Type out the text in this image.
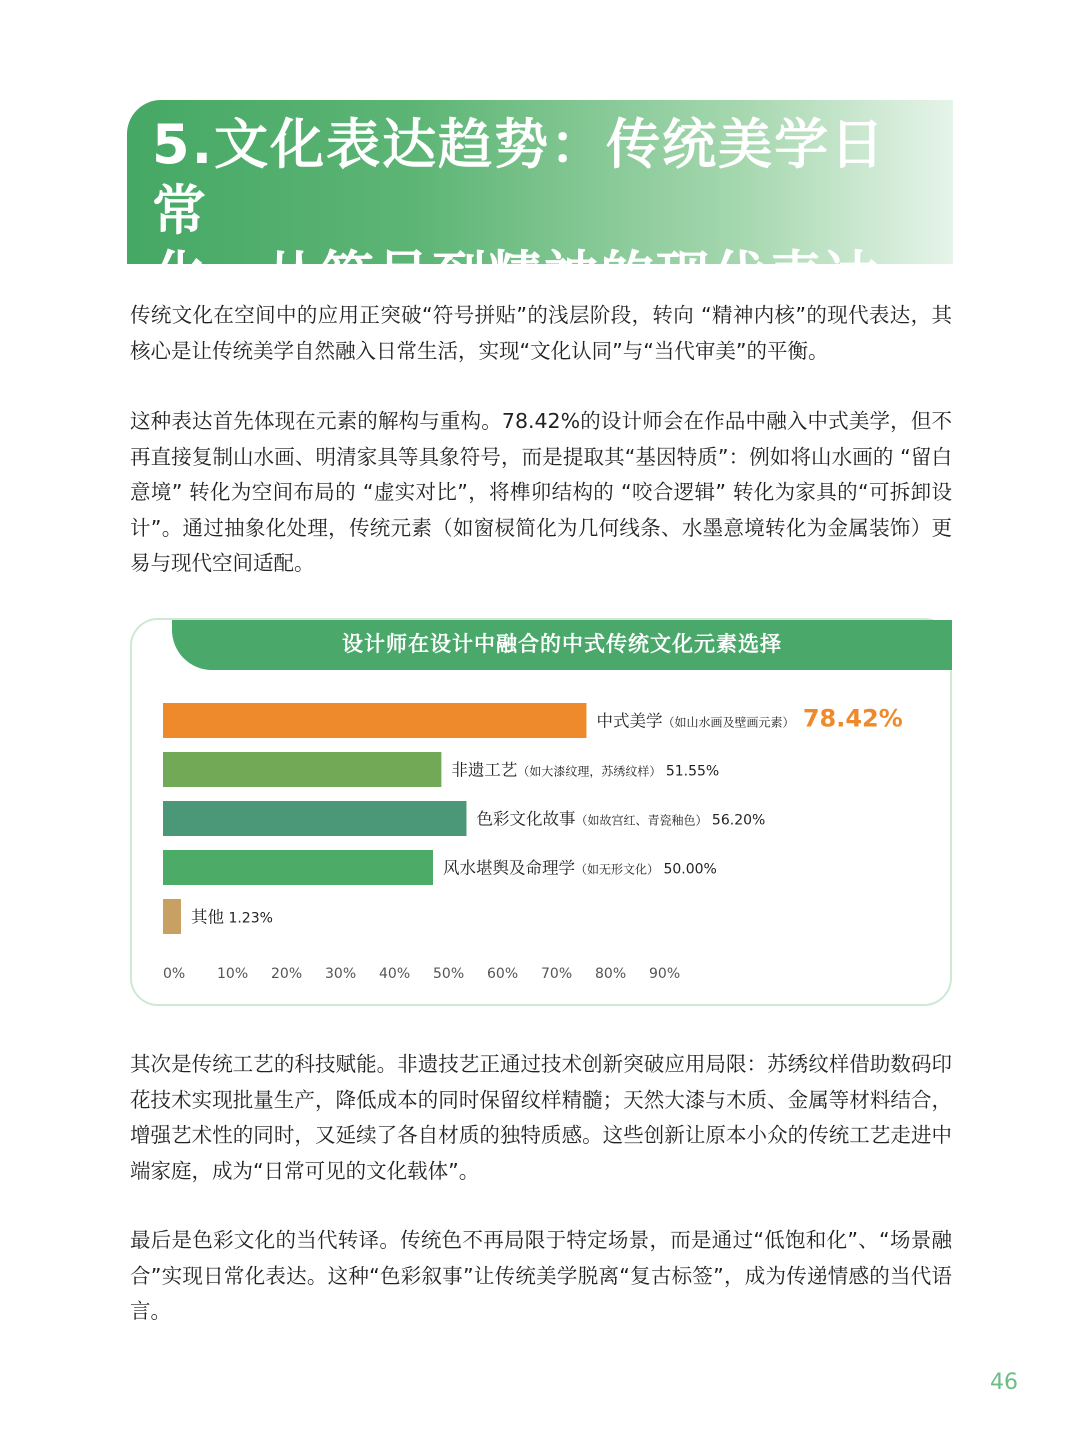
5.文化表达趋势：传统美学日常
化，从符号到精神的现代表达
传统文化在空间中的应用正突破“符号拼贴”的浅层阶段，转向 “精神内核”的现代表达，其核心是让传统美学自然融入日常生活，实现“文化认同”与“当代审美”的平衡。
这种表达首先体现在元素的解构与重构。78.42%的设计师会在作品中融入中式美学，但不再直接复制山水画、明清家具等具象符号，而是提取其“基因特质”：例如将山水画的 “留白意境” 转化为空间布局的 “虚实对比”，将榫卯结构的 “咬合逻辑” 转化为家具的“可拆卸设计”。通过抽象化处理，传统元素（如窗棂简化为几何线条、水墨意境转化为金属装饰）更易与现代空间适配。
设计师在设计中融合的中式传统文化元素选择
中式美学（如山水画及壁画元素） 78.42%
非遗工艺（如大漆纹理，苏绣纹样） 51.55%
色彩文化故事（如故宫红、青瓷釉色） 56.20%
风水堪舆及命理学（如无形文化） 50.00%
其他 1.23%
0% 10% 20% 30% 40% 50% 60% 70% 80% 90%
其次是传统工艺的科技赋能。非遗技艺正通过技术创新突破应用局限：苏绣纹样借助数码印花技术实现批量生产，降低成本的同时保留纹样精髓；天然大漆与木质、金属等材料结合，增强艺术性的同时，又延续了各自材质的独特质感。这些创新让原本小众的传统工艺走进中端家庭，成为“日常可见的文化载体”。
最后是色彩文化的当代转译。传统色不再局限于特定场景，而是通过“低饱和化”、“场景融合”实现日常化表达。这种“色彩叙事”让传统美学脱离“复古标签”，成为传递情感的当代语言。
46
